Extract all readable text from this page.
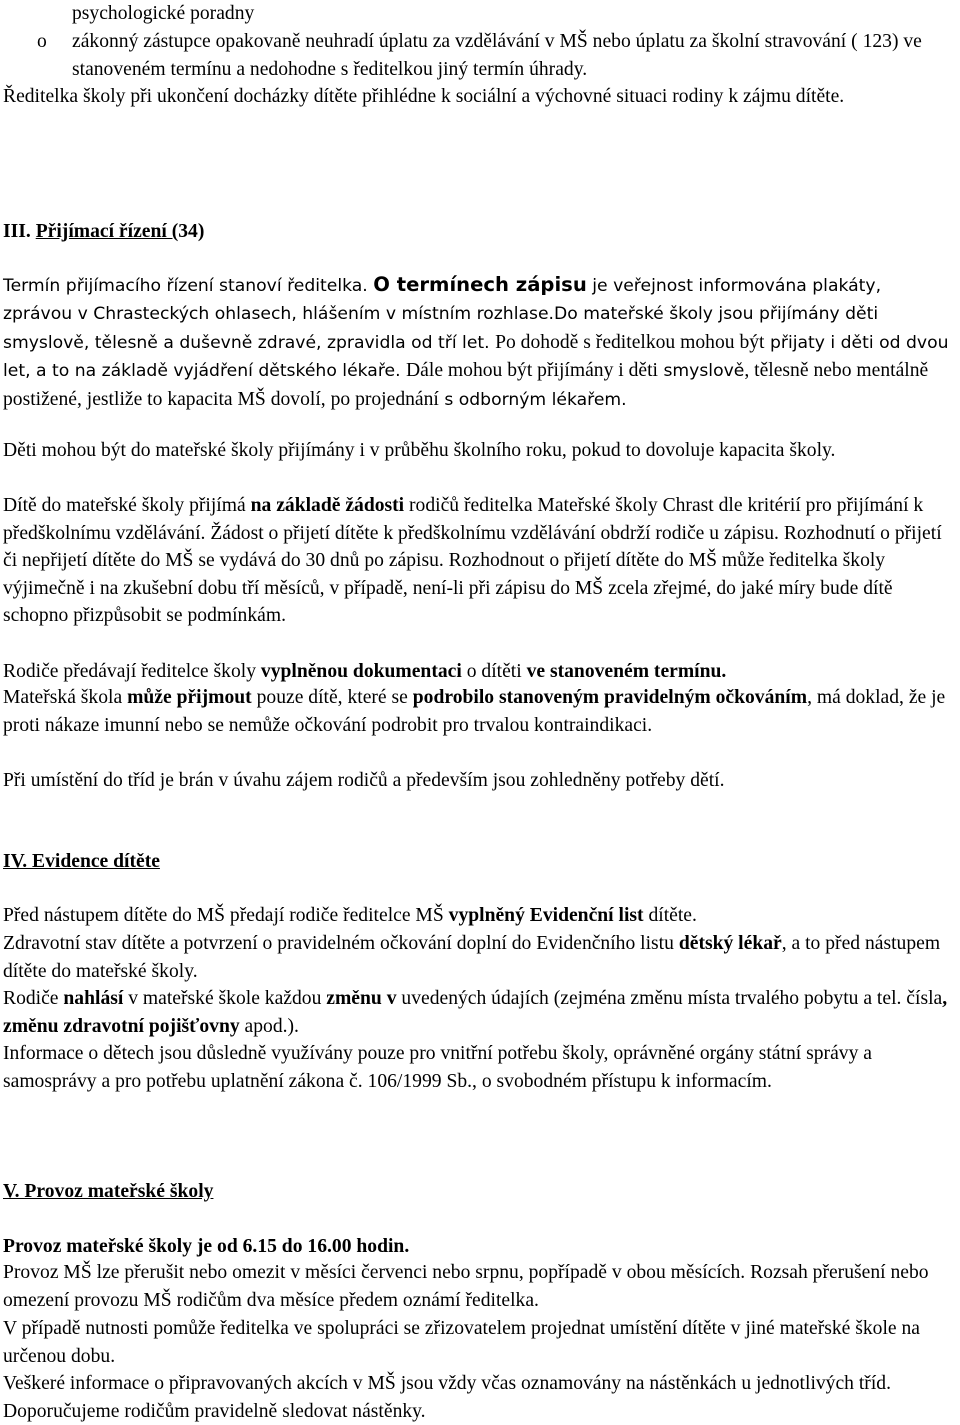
psychologické poradny
zákonný zástupce opakovaně neuhradí úplatu za vzdělávání v MŠ nebo úplatu za školní stravování ( 123) ve stanoveném termínu a nedohodne s ředitelkou jiný termín úhrady.
o
Ředitelka školy při ukončení docházky dítěte přihlédne k sociální a výchovné situaci rodiny k zájmu dítěte.
III. Přijímací řízení (34)
Termín přijímacího řízení stanoví ředitelka. O termínech zápisu je veřejnost informována plakáty, zprávou v Chrasteckých ohlasech, hlášením v místním rozhlase.Do mateřské školy jsou přijímány děti smyslově, tělesně a duševně zdravé, zpravidla od tří let. Po dohodě s ředitelkou mohou být přijaty i děti od dvou let, a to na základě vyjádření dětského lékaře. Dále mohou být přijímány i děti smyslově, tělesně nebo mentálně postižené, jestliže to kapacita MŠ dovolí, po projednání s odborným lékařem.
Děti mohou být do mateřské školy přijímány i v průběhu školního roku, pokud to dovoluje kapacita školy.
Dítě do mateřské školy přijímá na základě žádosti rodičů ředitelka Mateřské školy Chrast dle kritérií pro přijímání k předškolnímu vzdělávání. Žádost o přijetí dítěte k předškolnímu vzdělávání obdrží rodiče u zápisu. Rozhodnutí o přijetí či nepřijetí dítěte do MŠ se vydává do 30 dnů po zápisu. Rozhodnout o přijetí dítěte do MŠ může ředitelka školy výjimečně i na zkušební dobu tří měsíců, v případě, není-li při zápisu do MŠ zcela zřejmé, do jaké míry bude dítě schopno přizpůsobit se podmínkám.
Rodiče předávají ředitelce školy vyplněnou dokumentaci o dítěti ve stanoveném termínu.
Mateřská škola může přijmout pouze dítě, které se podrobilo stanoveným pravidelným očkováním, má doklad, že je proti nákaze imunní nebo se nemůže očkování podrobit pro trvalou kontraindikaci.
Při umístění do tříd je brán v úvahu zájem rodičů a především jsou zohledněny potřeby dětí.
IV. Evidence dítěte
Před nástupem dítěte do MŠ předají rodiče ředitelce MŠ vyplněný Evidenční list dítěte.
Zdravotní stav dítěte a potvrzení o pravidelném očkování doplní do Evidenčního listu dětský lékař, a to před nástupem dítěte do mateřské školy.
Rodiče nahlásí v mateřské škole každou změnu v uvedených údajích (zejména změnu místa trvalého pobytu a tel. čísla, změnu zdravotní pojišťovny apod.).
Informace o dětech jsou důsledně využívány pouze pro vnitřní potřebu školy, oprávněné orgány státní správy a samosprávy a pro potřebu uplatnění zákona č. 106/1999 Sb., o svobodném přístupu k informacím.
V. Provoz mateřské školy
Provoz mateřské školy je od 6.15 do 16.00 hodin.
Provoz MŠ lze přerušit nebo omezit v měsíci červenci nebo srpnu, popřípadě v obou měsících. Rozsah přerušení nebo omezení provozu MŠ rodičům dva měsíce předem oznámí ředitelka.
V případě nutnosti pomůže ředitelka ve spolupráci se zřizovatelem projednat umístění dítěte v jiné mateřské škole na určenou dobu.
Veškeré informace o připravovaných akcích v MŠ jsou vždy včas oznamovány na nástěnkách u jednotlivých tříd. Doporučujeme rodičům pravidelně sledovat nástěnky.
